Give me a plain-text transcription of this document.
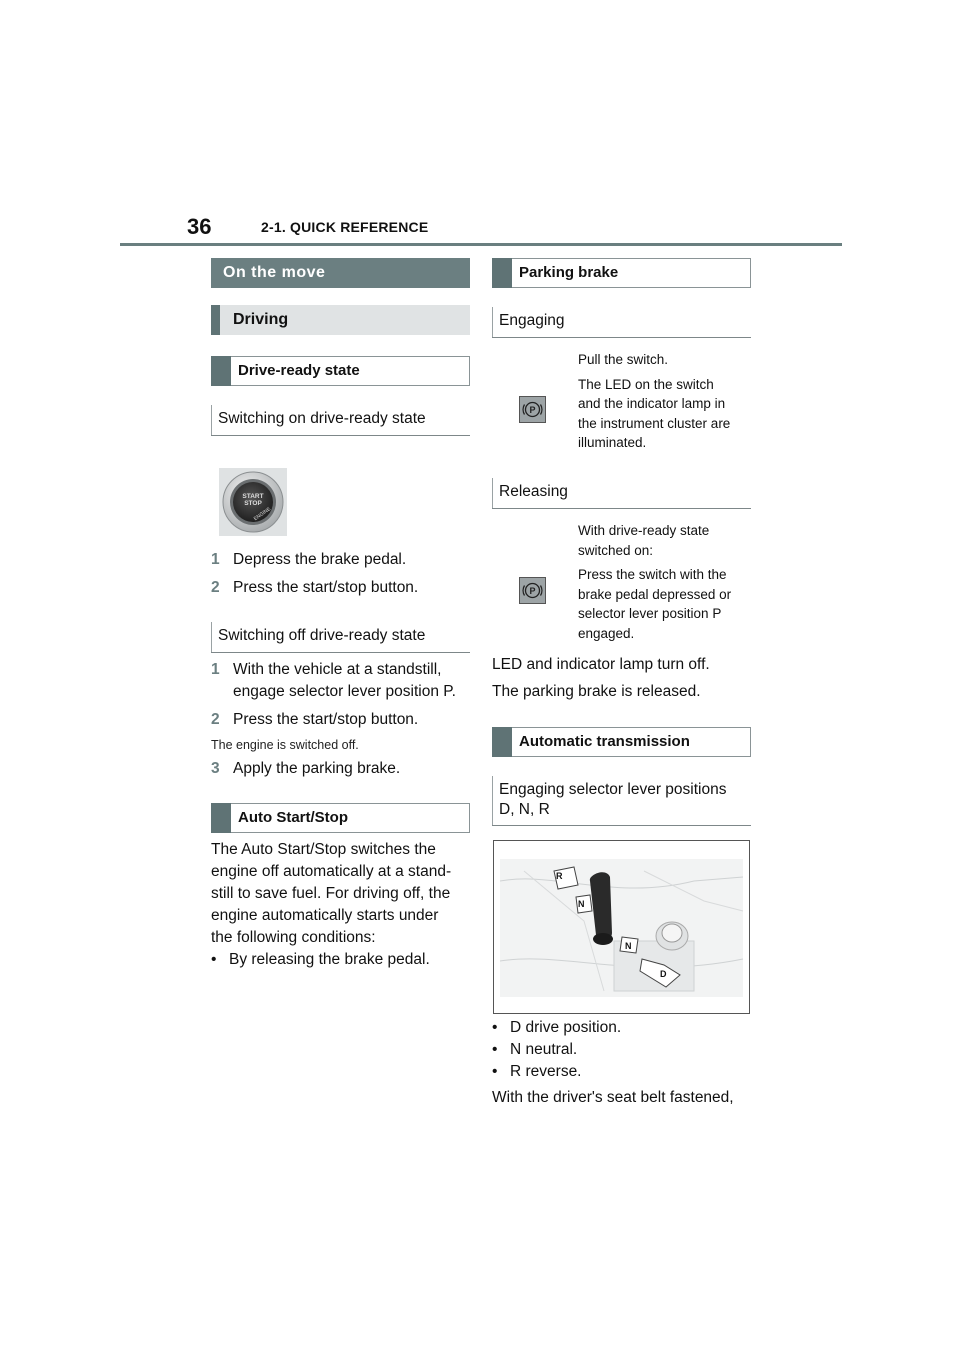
36	2-1. QUICK REFERENCE
On the move
Driving
Drive-ready state
Switching on drive-ready state
START
STOP
ENGINE
1 Depress the brake pedal.
2 Press the start/stop button.
Switching off drive-ready state
1 With the vehicle at a standstill,
engage selector lever position P.
2 Press the start/stop button.
The engine is switched off.
3 Apply the parking brake.
Auto Start/Stop
The Auto Start/Stop switches the
engine off automatically at a stand-
still to save fuel. For driving off, the
engine automatically starts under
the following conditions:
• By releasing the brake pedal.
Parking brake
Engaging
P
Pull the switch.
The LED on the switch
and the indicator lamp in
the instrument cluster are
illuminated.
Releasing
P
With drive-ready state
switched on:
Press the switch with the
brake pedal depressed or
selector lever position P
engaged.
LED and indicator lamp turn off.
The parking brake is released.
Automatic transmission
Engaging selector lever positions
D, N, R
R
N
N
D
• D drive position.
• N neutral.
• R reverse.
With the driver's seat belt fastened,
